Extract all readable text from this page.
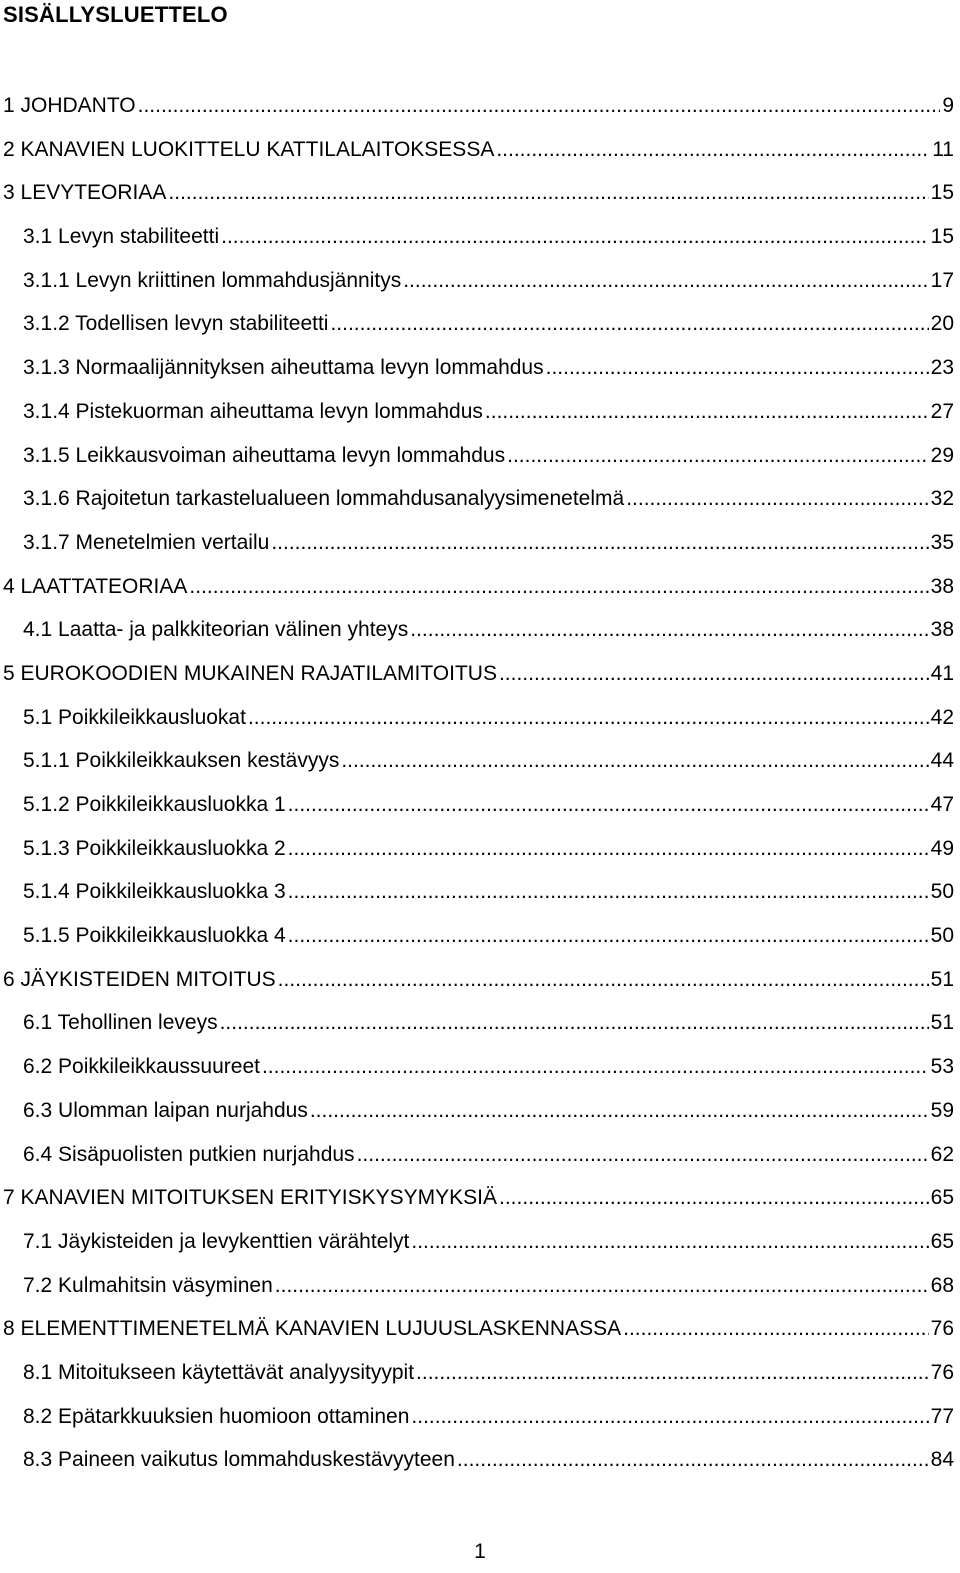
SISÄLLYSLUETTELO
1 JOHDANTO .....	9
2 KANAVIEN LUOKITTELU KATTILALAITOKSESSA .....	11
3 LEVYTEORIAA .....	15
3.1 Levyn stabiliteetti .....	15
3.1.1 Levyn kriittinen lommahdusjännitys .....	17
3.1.2 Todellisen levyn stabiliteetti .....	20
3.1.3 Normaalijännityksen aiheuttama levyn lommahdus .....	23
3.1.4 Pistekuorman aiheuttama levyn lommahdus .....	27
3.1.5 Leikkausvoiman aiheuttama levyn lommahdus .....	29
3.1.6 Rajoitetun tarkastelualueen lommahdusanalyysimenetelmä .....	32
3.1.7 Menetelmien vertailu .....	35
4 LAATTATEORIAA .....	38
4.1 Laatta- ja palkkiteorian välinen yhteys .....	38
5 EUROKOODIEN MUKAINEN RAJATILAMITOITUS .....	41
5.1 Poikkileikkausluokat .....	42
5.1.1 Poikkileikkauksen kestävyys .....	44
5.1.2 Poikkileikkausluokka 1 .....	47
5.1.3 Poikkileikkausluokka 2 .....	49
5.1.4 Poikkileikkausluokka 3 .....	50
5.1.5 Poikkileikkausluokka 4 .....	50
6 JÄYKISTEIDEN MITOITUS .....	51
6.1 Tehollinen leveys .....	51
6.2 Poikkileikkaussuureet .....	53
6.3 Ulomman laipan nurjahdus .....	59
6.4 Sisäpuolisten putkien nurjahdus .....	62
7 KANAVIEN MITOITUKSEN ERITYISKYSYMYKSIÄ .....	65
7.1 Jäykisteiden ja levykenttien värähtelyt .....	65
7.2 Kulmahitsin väsyminen .....	68
8 ELEMENTTIMENETELMÄ KANAVIEN LUJUUSLASKENNASSA .....	76
8.1 Mitoitukseen käytettävät analyysityypit .....	76
8.2 Epätarkkuuksien huomioon ottaminen .....	77
8.3 Paineen vaikutus lommahduskestävyyteen .....	84
1
